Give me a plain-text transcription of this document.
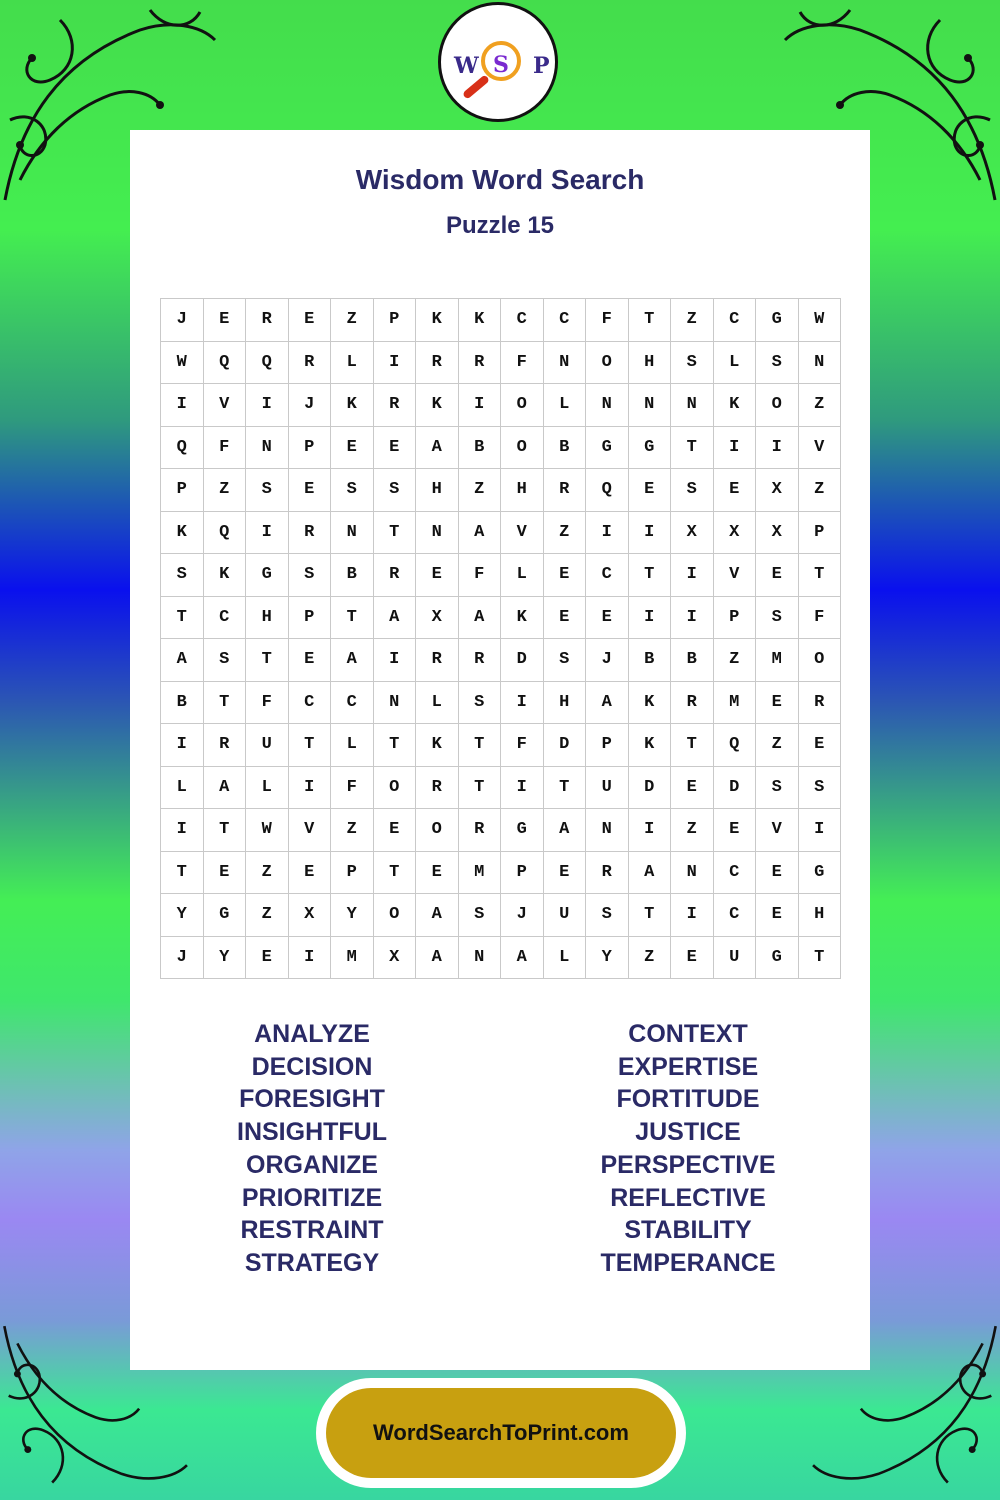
W S P
Wisdom Word Search
Puzzle 15
J	E	R	E	Z	P	K	K	C	C	F	T	Z	C	G	W
W	Q	Q	R	L	I	R	R	F	N	O	H	S	L	S	N
I	V	I	J	K	R	K	I	O	L	N	N	N	K	O	Z
Q	F	N	P	E	E	A	B	O	B	G	G	T	I	I	V
P	Z	S	E	S	S	H	Z	H	R	Q	E	S	E	X	Z
K	Q	I	R	N	T	N	A	V	Z	I	I	X	X	X	P
S	K	G	S	B	R	E	F	L	E	C	T	I	V	E	T
T	C	H	P	T	A	X	A	K	E	E	I	I	P	S	F
A	S	T	E	A	I	R	R	D	S	J	B	B	Z	M	O
B	T	F	C	C	N	L	S	I	H	A	K	R	M	E	R
I	R	U	T	L	T	K	T	F	D	P	K	T	Q	Z	E
L	A	L	I	F	O	R	T	I	T	U	D	E	D	S	S
I	T	W	V	Z	E	O	R	G	A	N	I	Z	E	V	I
T	E	Z	E	P	T	E	M	P	E	R	A	N	C	E	G
Y	G	Z	X	Y	O	A	S	J	U	S	T	I	C	E	H
J	Y	E	I	M	X	A	N	A	L	Y	Z	E	U	G	T
ANALYZE
DECISION
FORESIGHT
INSIGHTFUL
ORGANIZE
PRIORITIZE
RESTRAINT
STRATEGY
CONTEXT
EXPERTISE
FORTITUDE
JUSTICE
PERSPECTIVE
REFLECTIVE
STABILITY
TEMPERANCE
WordSearchToPrint.com
